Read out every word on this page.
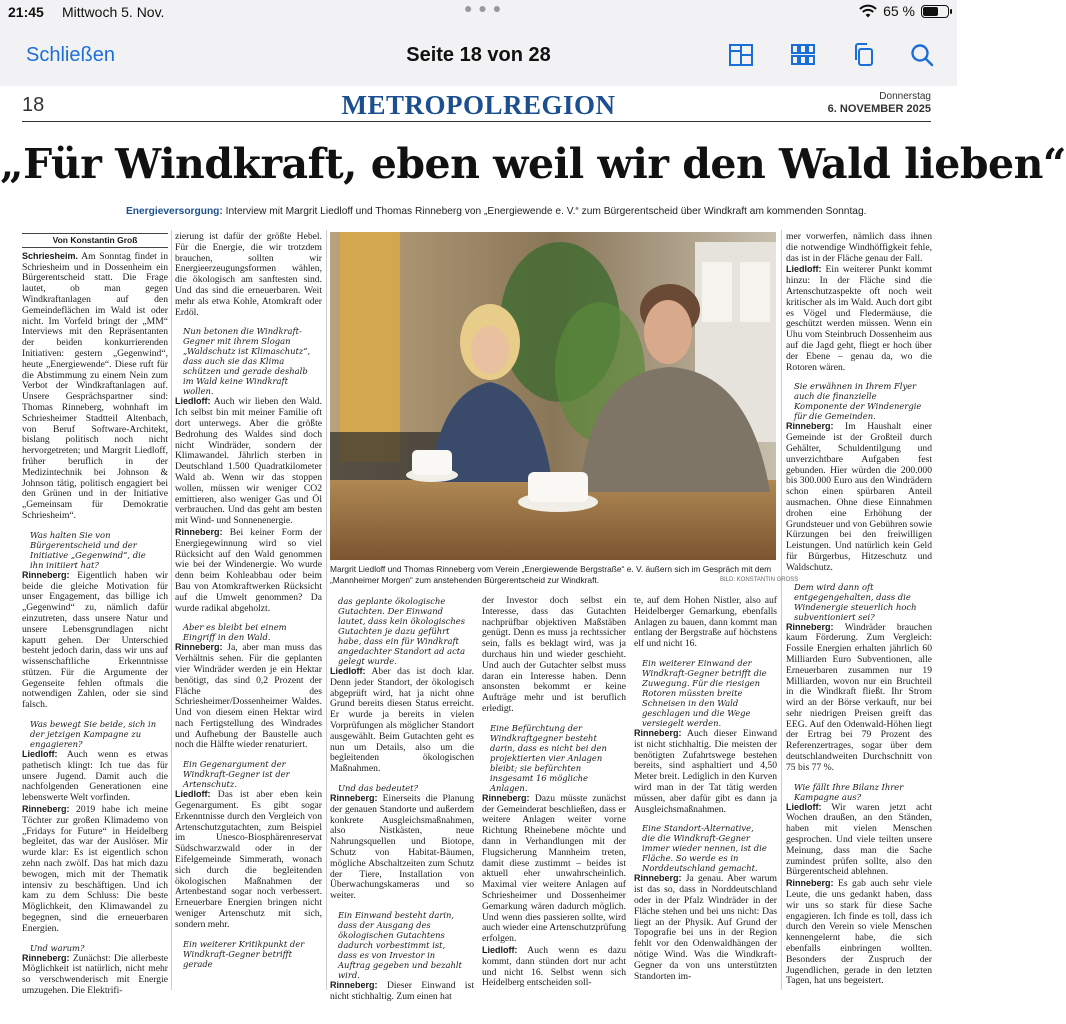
21:45 Mittwoch 5. Nov.	● ● ●	65 %
Schließen	Seite 18 von 28
18	METROPOLREGION	Donnerstag
6. NOVEMBER 2025
„Für Windkraft, eben weil wir den Wald lieben“
Energieversorgung: Interview mit Margrit Liedloff und Thomas Rinneberg von „Energiewende e. V.“ zum Bürgerentscheid über Windkraft am kommenden Sonntag.
Von Konstantin Groß

Schriesheim. Am Sonntag findet in Schriesheim und in Dossenheim ein Bürgerentscheid statt. Die Frage lautet, ob man gegen Windkraftanlagen auf den Gemeindeflächen im Wald ist oder nicht. Im Vorfeld bringt der „MM“ Interviews mit den Repräsentanten der beiden konkurrierenden Initiativen: gestern „Gegenwind“, heute „Energiewende“. Diese ruft für die Abstimmung zu einem Nein zum Verbot der Windkraftanlagen auf. Unsere Gesprächspartner sind: Thomas Rinneberg, wohnhaft im Schriesheimer Stadtteil Altenbach, von Beruf Software-Architekt, bislang politisch noch nicht hervorgetreten; und Margrit Liedloff, früher beruflich in der Medizintechnik bei Johnson & Johnson tätig, politisch engagiert bei den Grünen und in der Initiative „Gemeinsam für Demokratie Schriesheim“.

Was halten Sie von Bürgerentscheid und der Initiative „Gegenwind“, die ihn initiiert hat?

Rinneberg: Eigentlich haben wir beide die gleiche Motivation für unser Engagement, das billige ich „Gegenwind“ zu, nämlich dafür einzutreten, dass unsere Natur und unsere Lebensgrundlagen nicht kaputt gehen. Der Unterschied besteht jedoch darin, dass wir uns auf wissenschaftliche Erkenntnisse stützen. Für die Argumente der Gegenseite fehlen oftmals die notwendigen Zahlen, oder sie sind falsch.

Was bewegt Sie beide, sich in der jetzigen Kampagne zu engagieren?

Liedloff: Auch wenn es etwas pathetisch klingt: Ich tue das für unsere Jugend. Damit auch die nachfolgenden Generationen eine lebenswerte Welt vorfinden.

Rinneberg: 2019 habe ich meine Töchter zur großen Klimademo von „Fridays for Future“ in Heidelberg begleitet, das war der Auslöser. Mir wurde klar: Es ist eigentlich schon zehn nach zwölf. Das hat mich dazu bewogen, mich mit der Thematik intensiv zu beschäftigen. Und ich kam zu dem Schluss: Die beste Möglichkeit, den Klimawandel zu begegnen, sind die erneuerbaren Energien.

Und warum?

Rinneberg: Zunächst: Die allerbeste Möglichkeit ist natürlich, nicht mehr so verschwenderisch mit Energie umzugehen. Die Elektrifi-

zierung ist dafür der größte Hebel. Für die Energie, die wir trotzdem brauchen, sollten wir Energieerzeugungsformen wählen, die ökologisch am sanftesten sind. Und das sind die erneuerbaren. Weit mehr als etwa Kohle, Atomkraft oder Erdöl.

Nun betonen die Windkraft-Gegner mit ihrem Slogan „Waldschutz ist Klimaschutz“, dass auch sie das Klima schützen und gerade deshalb im Wald keine Windkraft wollen.

Liedloff: Auch wir lieben den Wald. Ich selbst bin mit meiner Familie oft dort unterwegs. Aber die größte Bedrohung des Waldes sind doch nicht Windräder, sondern der Klimawandel. Jährlich sterben in Deutschland 1.500 Quadratkilometer Wald ab. Wenn wir das stoppen wollen, müssen wir weniger CO2 emittieren, also weniger Gas und Öl verbrauchen. Und das geht am besten mit Wind- und Sonnenenergie.

Rinneberg: Bei keiner Form der Energiegewinnung wird so viel Rücksicht auf den Wald genommen wie bei der Windenergie. Wo wurde denn beim Kohleabbau oder beim Bau von Atomkraftwerken Rücksicht auf die Umwelt genommen? Da wurde radikal abgeholzt.

Aber es bleibt bei einem Eingriff in den Wald.

Rinneberg: Ja, aber man muss das Verhältnis sehen. Für die geplanten vier Windräder werden je ein Hektar benötigt, das sind 0,2 Prozent der Fläche des Schriesheimer/Dossenheimer Waldes. Und von diesem einen Hektar wird nach Fertigstellung des Windrades und Aufhebung der Baustelle auch noch die Hälfte wieder renaturiert.

Ein Gegenargument der Windkraft-Gegner ist der Artenschutz.

Liedloff: Das ist aber eben kein Gegenargument. Es gibt sogar Erkenntnisse durch den Vergleich von Artenschutzgutachten, zum Beispiel im Unesco-Biosphärenreservat Südschwarzwald oder in der Eifelgemeinde Simmerath, wonach sich durch die begleitenden ökologischen Maßnahmen der Artenbestand sogar noch verbessert. Erneuerbare Energien bringen nicht weniger Artenschutz mit sich, sondern mehr.

Ein weiterer Kritikpunkt der Windkraft-Gegner betrifft gerade

das geplante ökologische Gutachten. Der Einwand lautet, dass kein ökologisches Gutachten je dazu geführt habe, dass ein für Windkraft angedachter Standort ad acta gelegt wurde.

Liedloff: Aber das ist doch klar. Denn jeder Standort, der ökologisch abgeprüft wird, hat ja nicht ohne Grund bereits diesen Status erreicht. Er wurde ja bereits in vielen Vorprüfungen als möglicher Standort ausgewählt. Beim Gutachten geht es nun um Details, also um die begleitenden ökologischen Maßnahmen.

Und das bedeutet?

Rinneberg: Einerseits die Planung der genauen Standorte und außerdem konkrete Ausgleichsmaßnahmen, also Nistkästen, neue Nahrungsquellen und Biotope, Schutz von Habitat-Bäumen, mögliche Abschaltzeiten zum Schutz der Tiere, Installation von Überwachungskameras und so weiter.

Ein Einwand besteht darin, dass der Ausgang des ökologischen Gutachtens dadurch vorbestimmt ist, dass es von Investor in Auftrag gegeben und bezahlt wird.

Rinneberg: Dieser Einwand ist nicht stichhaltig. Zum einen hat

der Investor doch selbst ein Interesse, dass das Gutachten nachprüfbar objektiven Maßstäben genügt. Denn es muss ja rechtssicher sein, falls es beklagt wird, was ja durchaus hin und wieder geschieht. Und auch der Gutachter selbst muss daran ein Interesse haben. Denn ansonsten bekommt er keine Aufträge mehr und ist beruflich erledigt.

Eine Befürchtung der Windkraftgegner besteht darin, dass es nicht bei den projektierten vier Anlagen bleibt; sie befürchten insgesamt 16 mögliche Anlagen.

Rinneberg: Dazu müsste zunächst der Gemeinderat beschließen, dass er weitere Anlagen weiter vorne Richtung Rheinebene möchte und dann in Verhandlungen mit der Flugsicherung Mannheim treten, damit diese zustimmt – beides ist aktuell eher unwahrscheinlich. Maximal vier weitere Anlagen auf Schriesheimer und Dossenheimer Gemarkung wären dadurch möglich. Und wenn dies passieren sollte, wird auch wieder eine Artenschutzprüfung erfolgen.

Liedloff: Auch wenn es dazu kommt, dann stünden dort nur acht und nicht 16. Selbst wenn sich Heidelberg entscheiden soll-

te, auf dem Hohen Nistler, also auf Heidelberger Gemarkung, ebenfalls Anlagen zu bauen, dann kommt man entlang der Bergstraße auf höchstens elf und nicht 16.

Ein weiterer Einwand der Windkraft-Gegner betrifft die Zuwegung. Für die riesigen Rotoren müssten breite Schneisen in den Wald geschlagen und die Wege versiegelt werden.

Rinneberg: Auch dieser Einwand ist nicht stichhaltig. Die meisten der benötigten Zufahrtswege bestehen bereits, sind asphaltiert und 4,50 Meter breit. Lediglich in den Kurven wird man in der Tat tätig werden müssen, aber dafür gibt es dann ja Ausgleichsmaßnahmen.

Eine Standort-Alternative, die die Windkraft-Gegner immer wieder nennen, ist die Fläche. So werde es in Norddeutschland gemacht.

Rinneberg: Ja genau. Aber warum ist das so, dass in Norddeutschland oder in der Pfalz Windräder in der Fläche stehen und bei uns nicht: Das liegt an der Physik. Auf Grund der Topografie bei uns in der Region fehlt vor den Odenwaldhängen der nötige Wind. Was die Windkraft-Gegner da von uns unterstützten Standorten im-

mer vorwerfen, nämlich dass ihnen die notwendige Windhöffigkeit fehle, das ist in der Fläche genau der Fall.

Liedloff: Ein weiterer Punkt kommt hinzu: In der Fläche sind die Artenschutzaspekte oft noch weit kritischer als im Wald. Auch dort gibt es Vögel und Fledermäuse, die geschützt werden müssen. Wenn ein Uhu vom Steinbruch Dossenheim aus auf die Jagd geht, fliegt er hoch über der Ebene – genau da, wo die Rotoren wären.

Sie erwähnen in Ihrem Flyer auch die finanzielle Komponente der Windenergie für die Gemeinden.

Rinneberg: Im Haushalt einer Gemeinde ist der Großteil durch Gehälter, Schuldentilgung und unverzichtbare Aufgaben fest gebunden. Hier würden die 200.000 bis 300.000 Euro aus den Windrädern schon einen spürbaren Anteil ausmachen. Ohne diese Einnahmen drohen eine Erhöhung der Grundsteuer und von Gebühren sowie Kürzungen bei den freiwilligen Leistungen. Und natürlich kein Geld für Bürgerbus, Hitzeschutz und Waldschutz.

Dem wird dann oft entgegengehalten, dass die Windenergie steuerlich hoch subventioniert sei?

Rinneberg: Windräder brauchen kaum Förderung. Zum Vergleich: Fossile Energien erhalten jährlich 60 Milliarden Euro Subventionen, alle Erneuerbaren zusammen nur 19 Milliarden, wovon nur ein Bruchteil in die Windkraft fließt. Ihr Strom wird an der Börse verkauft, nur bei sehr niedrigen Preisen greift das EEG. Auf den Odenwald-Höhen liegt der Ertrag bei 79 Prozent des Referenzertrages, sogar über dem deutschlandweiten Durchschnitt von 75 bis 77 %.

Wie fällt Ihre Bilanz Ihrer Kampagne aus?

Liedloff: Wir waren jetzt acht Wochen draußen, an den Ständen, haben mit vielen Menschen gesprochen. Und viele teilten unsere Meinung, dass man die Sache zumindest prüfen sollte, also den Bürgerentscheid ablehnen.

Rinneberg: Es gab auch sehr viele Leute, die uns gedankt haben, dass wir uns so stark für diese Sache engagieren. Ich finde es toll, dass ich durch den Verein so viele Menschen kennengelernt habe, die sich ebenfalls einbringen wollten. Besonders der Zuspruch der Jugendlichen, gerade in den letzten Tagen, hat uns begeistert.

Margrit Liedloff und Thomas Rinneberg vom Verein „Energiewende Bergstraße“ e. V. äußern sich im Gespräch mit dem „Mannheimer Morgen“ zum anstehenden Bürgerentscheid zur Windkraft.	BILD: KONSTANTIN GROSS
